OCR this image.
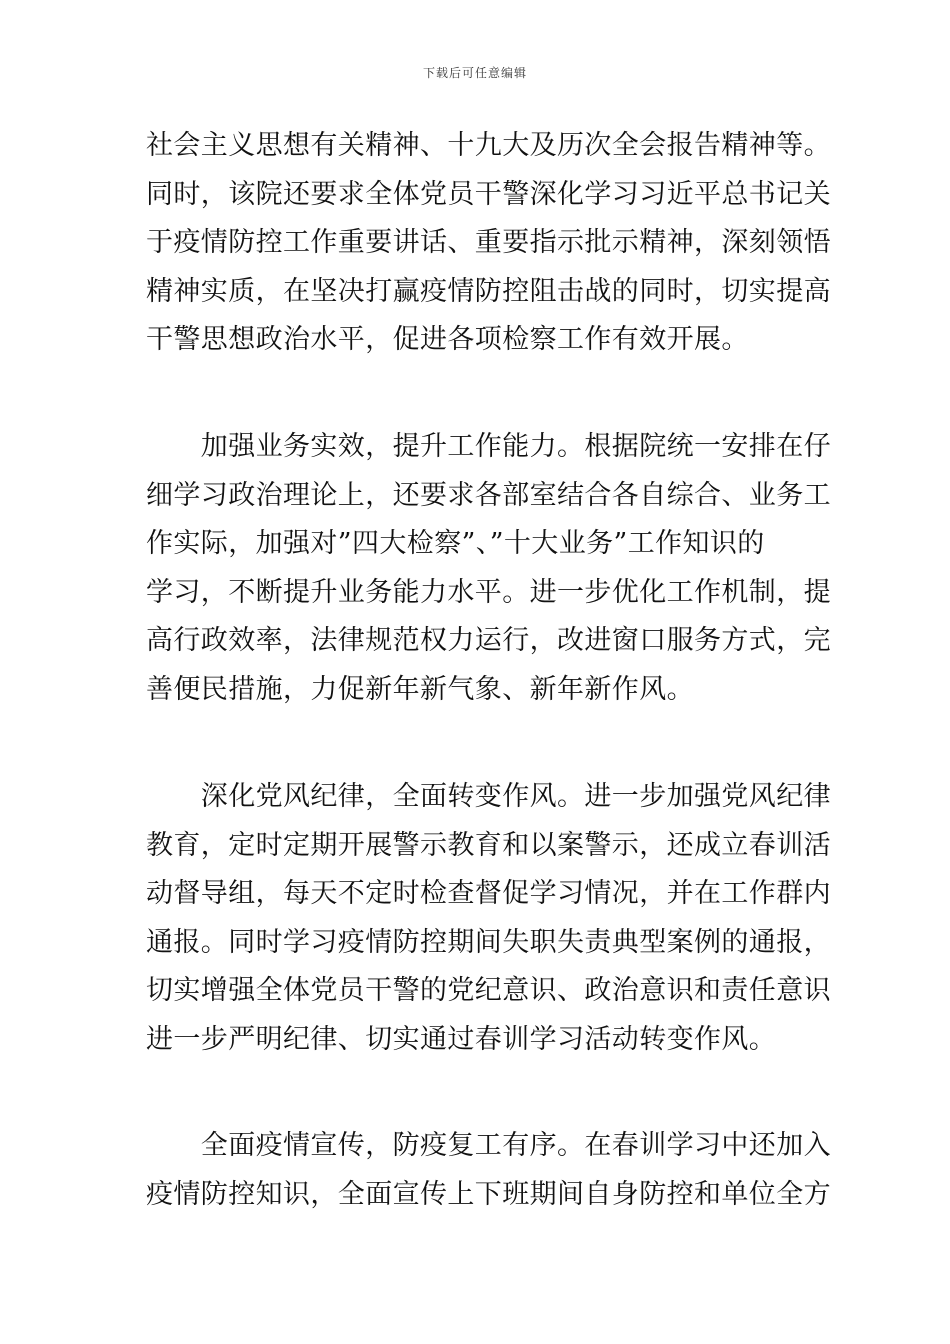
下载后可任意编辑
社会主义思想有关精神、十九大及历次全会报告精神等。
同时，该院还要求全体党员干警深化学习习近平总书记关
于疫情防控工作重要讲话、重要指示批示精神，深刻领悟
精神实质，在坚决打赢疫情防控阻击战的同时，切实提高
干警思想政治水平，促进各项检察工作有效开展。
　　加强业务实效，提升工作能力。根据院统一安排在仔
细学习政治理论上，还要求各部室结合各自综合、业务工
作实际，加强对”四大检察”、”十大业务”工作知识的
学习，不断提升业务能力水平。进一步优化工作机制，提
高行政效率，法律规范权力运行，改进窗口服务方式，完
善便民措施，力促新年新气象、新年新作风。
　　深化党风纪律，全面转变作风。进一步加强党风纪律
教育，定时定期开展警示教育和以案警示，还成立春训活
动督导组，每天不定时检查督促学习情况，并在工作群内
通报。同时学习疫情防控期间失职失责典型案例的通报，
切实增强全体党员干警的党纪意识、政治意识和责任意识
进一步严明纪律、切实通过春训学习活动转变作风。
　　全面疫情宣传，防疫复工有序。在春训学习中还加入
疫情防控知识，全面宣传上下班期间自身防控和单位全方
